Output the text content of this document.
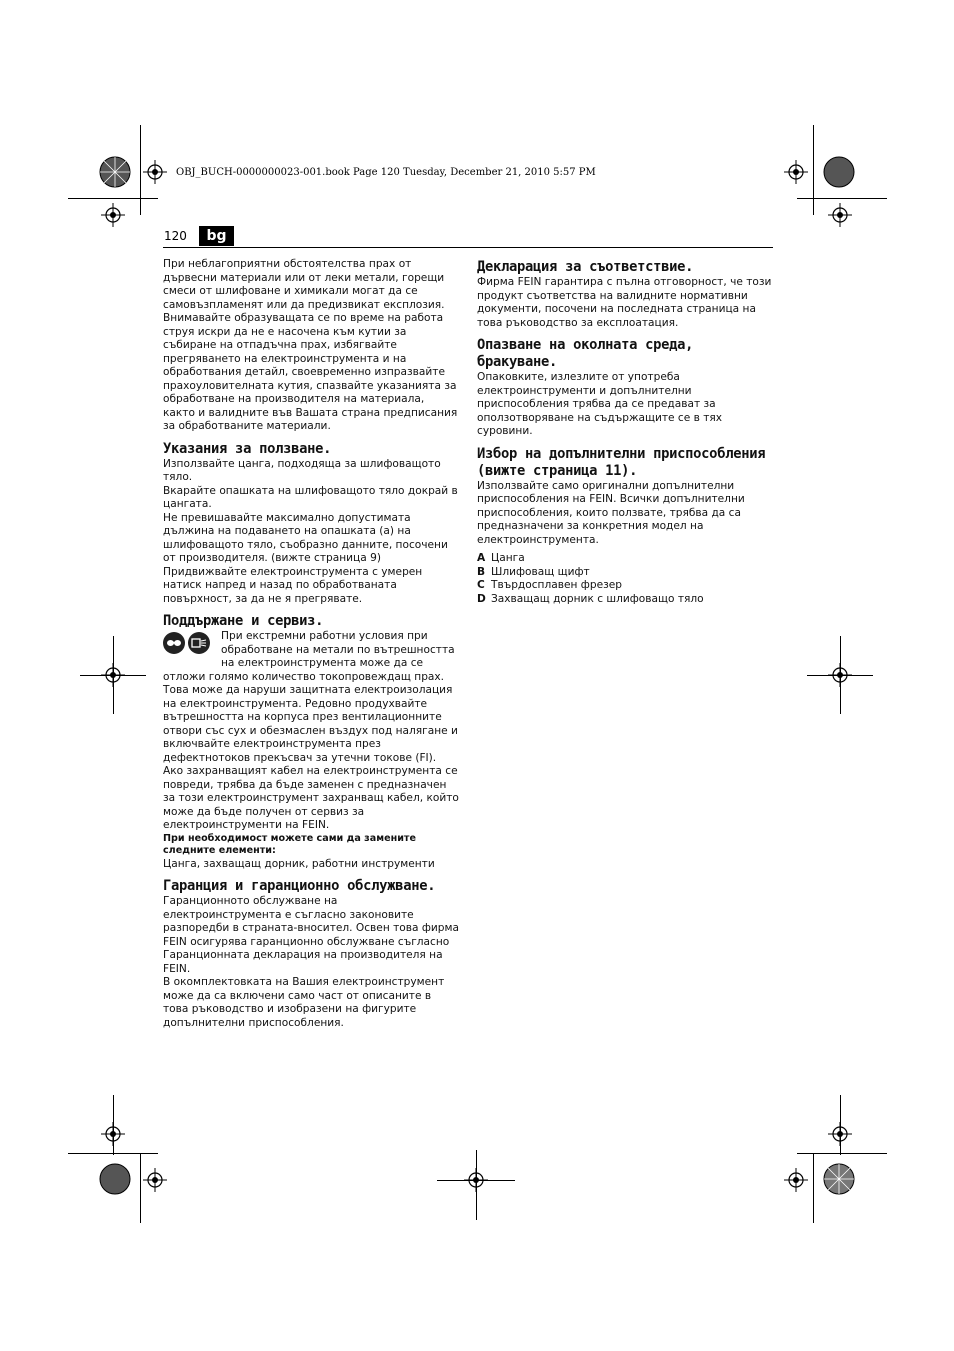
OBJ_BUCH-0000000023-001.book Page 120 Tuesday, December 21, 2010 5:57 PM
120	bg

При неблагоприятни обстоятелства прах от дървесни материали или от леки метали, горещи смеси от шлифоване и химикали могат да се самовъзпламенят или да предизвикат експлозия. Внимавайте образуващата се по време на работа струя искри да не е насочена към кутии за събиране на отпадъчна прах, избягвайте прегряването на електроинструмента и на обработвания детайл, своевременно изпразвайте прахоуловителната кутия, спазвайте указанията за обработване на производителя на материала, както и валидните във Вашата страна предписания за обработваните материали.

Указания за ползване.

Използвайте цанга, подходяща за шлифоващото тяло.

Вкарайте опашката на шлифоващото тяло докрай в цангата.

Не превишавайте максимално допустимата дължина на подаването на опашката (a) на шлифоващото тяло, съобразно данните, посочени от производителя. (вижте страница 9)

Придвижвайте електроинструмента с умерен натиск напред и назад по обработваната повърхност, за да не я прегрявате.

Поддържане и сервиз.

При екстремни работни условия при обработване на метали по вътрешността на електроинструмента може да се отложи голямо количество токопровеждащ прах. Това може да наруши защитната електроизолация на електроинструмента. Редовно продухвайте вътрешността на корпуса през вентилационните отвори със сух и обезмаслен въздух под налягане и включвайте електроинструмента през дефектнотоков прекъсвач за утечни токове (FI).

Ако захранващият кабел на електроинструмента се повреди, трябва да бъде заменен с предназначен за този електроинструмент захранващ кабел, който може да бъде получен от сервиз за електроинструменти на FEIN.

При необходимост можете сами да замените следните елементи:

Цанга, захващащ дорник, работни инструменти

Гаранция и гаранционно обслужване.

Гаранционното обслужване на електроинструмента е съгласно законовите разпоредби в страната-вносител. Освен това фирма FEIN осигурява гаранционно обслужване съгласно Гаранционната декларация на производителя на FEIN.

В окомплектовката на Вашия електроинструмент може да са включени само част от описаните в това ръководство и изобразени на фигурите допълнителни приспособления.

Декларация за съответствие.

Фирма FEIN гарантира с пълна отговорност, че този продукт съответства на валидните нормативни документи, посочени на последната страница на това ръководство за експлоатация.

Опазване на околната среда, бракуване.

Опаковките, излезлите от употреба електроинструменти и допълнителни приспособления трябва да се предават за оползотворяване на съдържащите се в тях суровини.

Избор на допълнителни приспособления (вижте страница 11).

Използвайте само оригинални допълнителни приспособления на FEIN. Всички допълнителни приспособления, които ползвате, трябва да са предназначени за конкретния модел на електроинструмента.

A Цанга
B Шлифоващ щифт
C Твърдосплавен фрезер
D Захващащ дорник с шлифоващо тяло
